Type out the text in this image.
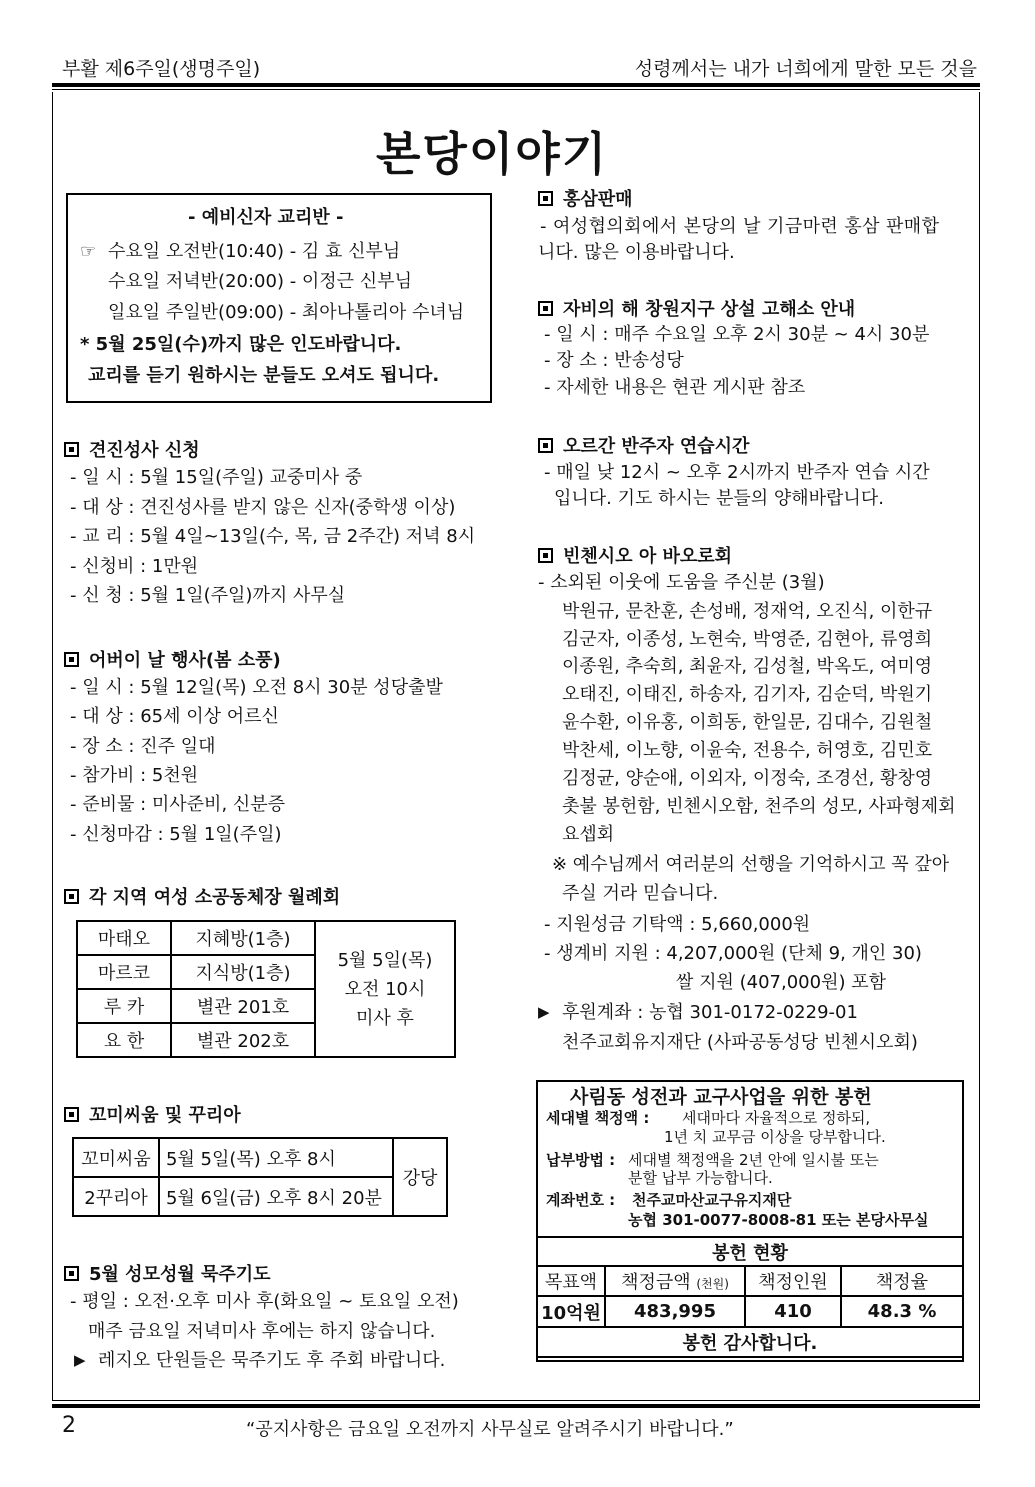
부활 제6주일(생명주일)	성령께서는 내가 너희에게 말한 모든 것을
본당이야기
- 예비신자 교리반 -
☞ 수요일 오전반(10:40) - 김 효 신부님
수요일 저녁반(20:00) - 이정근 신부님
일요일 주일반(09:00) - 최아나톨리아 수녀님
* 5월 25일(수)까지 많은 인도바랍니다.
교리를 듣기 원하시는 분들도 오셔도 됩니다.
견진성사 신청
- 일 시 : 5월 15일(주일) 교중미사 중
- 대 상 : 견진성사를 받지 않은 신자(중학생 이상)
- 교 리 : 5월 4일~13일(수, 목, 금 2주간) 저녁 8시
- 신청비 : 1만원
- 신 청 : 5월 1일(주일)까지 사무실
어버이 날 행사(봄 소풍)
- 일 시 : 5월 12일(목) 오전 8시 30분 성당출발
- 대 상 : 65세 이상 어르신
- 장 소 : 진주 일대
- 참가비 : 5천원
- 준비물 : 미사준비, 신분증
- 신청마감 : 5월 1일(주일)
각 지역 여성 소공동체장 월례회
마태오	지혜방(1층)	5월 5일(목)
오전 10시
미사 후

마르코	지식방(1층)	
루 카	별관 201호	
요 한	별관 202호	
꼬미씨움 및 꾸리아
꼬미씨움	5월 5일(목) 오후 8시	강당
2꾸리아	5월 6일(금) 오후 8시 20분	
5월 성모성월 묵주기도
- 평일 : 오전·오후 미사 후(화요일 ~ 토요일 오전)
매주 금요일 저녁미사 후에는 하지 않습니다.
▶ 레지오 단원들은 묵주기도 후 주회 바랍니다.
홍삼판매
- 여성협의회에서 본당의 날 기금마련 홍삼 판매합
니다. 많은 이용바랍니다.
자비의 해 창원지구 상설 고해소 안내
- 일 시 : 매주 수요일 오후 2시 30분 ~ 4시 30분
- 장 소 : 반송성당
- 자세한 내용은 현관 게시판 참조
오르간 반주자 연습시간
- 매일 낮 12시 ~ 오후 2시까지 반주자 연습 시간
입니다. 기도 하시는 분들의 양해바랍니다.
빈첸시오 아 바오로회
- 소외된 이웃에 도움을 주신분 (3월)
박원규, 문찬훈, 손성배, 정재억, 오진식, 이한규
김군자, 이종성, 노현숙, 박영준, 김현아, 류영희
이종원, 추숙희, 최윤자, 김성철, 박옥도, 여미영
오태진, 이태진, 하송자, 김기자, 김순덕, 박원기
윤수환, 이유홍, 이희동, 한일문, 김대수, 김원철
박찬세, 이노향, 이윤숙, 전용수, 허영호, 김민호
김정균, 양순애, 이외자, 이정숙, 조경선, 황창영
촛불 봉헌함, 빈첸시오함, 천주의 성모, 사파형제회
요셉회
※ 예수님께서 여러분의 선행을 기억하시고 꼭 갚아
주실 거라 믿습니다.
- 지원성금 기탁액 : 5,660,000원
- 생계비 지원 : 4,207,000원 (단체 9, 개인 30)
쌀 지원 (407,000원) 포함
▶ 후원계좌 : 농협 301-0172-0229-01
천주교회유지재단 (사파공동성당 빈첸시오회)
사림동 성전과 교구사업을 위한 봉헌
세대별 책정액 : 세대마다 자율적으로 정하되,
1년 치 교무금 이상을 당부합니다.
납부방법 : 세대별 책정액을 2년 안에 일시불 또는
분할 납부 가능합니다.
계좌번호 : 천주교마산교구유지재단
농협 301-0077-8008-81 또는 본당사무실
봉헌 현황			
목표액	책정금액 (천원)	책정인원	책정율
10억원	483,995	410	48.3 %
봉헌 감사합니다.			
2	“공지사항은 금요일 오전까지 사무실로 알려주시기 바랍니다.”
